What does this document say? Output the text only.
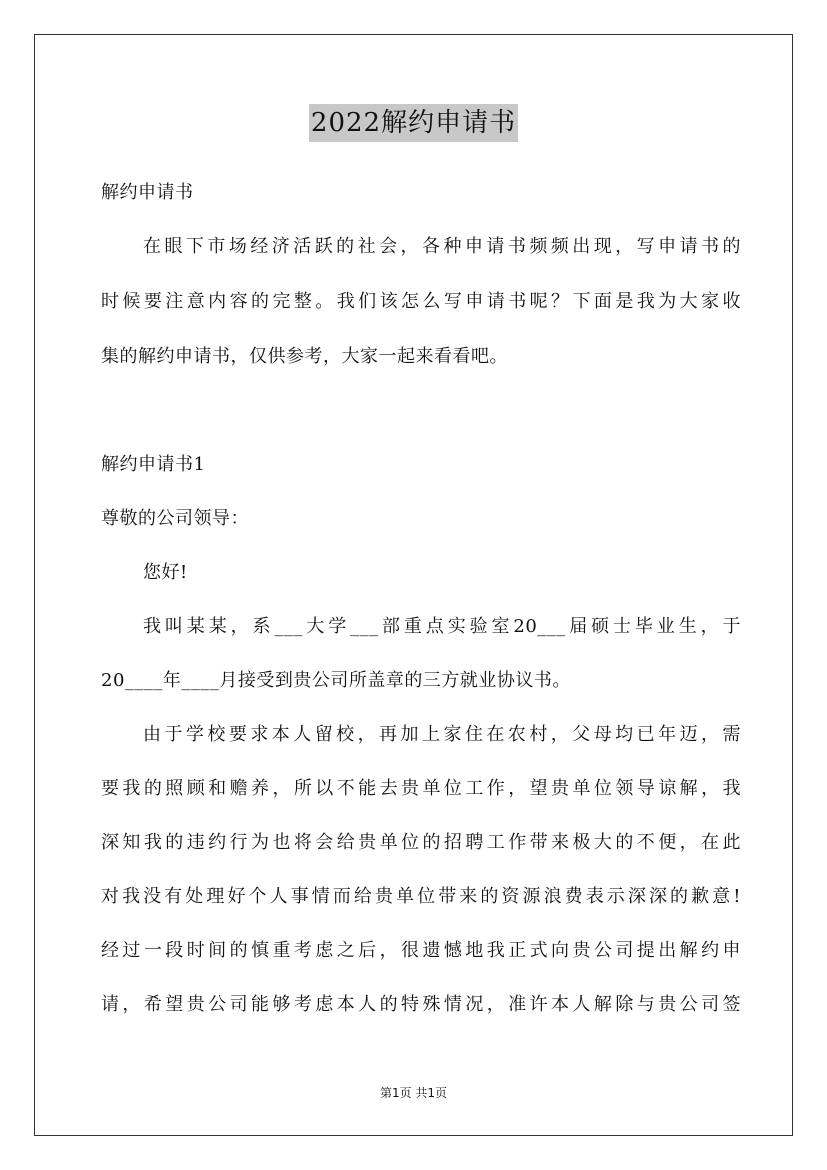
2022解约申请书
解约申请书
在眼下市场经济活跃的社会，各种申请书频频出现，写申请书的
时候要注意内容的完整。我们该怎么写申请书呢？下面是我为大家收
集的解约申请书，仅供参考，大家一起来看看吧。
解约申请书1
尊敬的公司领导：
您好!
我叫某某，系___大学___部重点实验室20___届硕士毕业生，于
20____年____月接受到贵公司所盖章的三方就业协议书。
由于学校要求本人留校，再加上家住在农村，父母均已年迈，需
要我的照顾和赡养，所以不能去贵单位工作，望贵单位领导谅解，我
深知我的违约行为也将会给贵单位的招聘工作带来极大的不便，在此
对我没有处理好个人事情而给贵单位带来的资源浪费表示深深的歉意!
经过一段时间的慎重考虑之后，很遗憾地我正式向贵公司提出解约申
请，希望贵公司能够考虑本人的特殊情况，准许本人解除与贵公司签
第1页 共1页
